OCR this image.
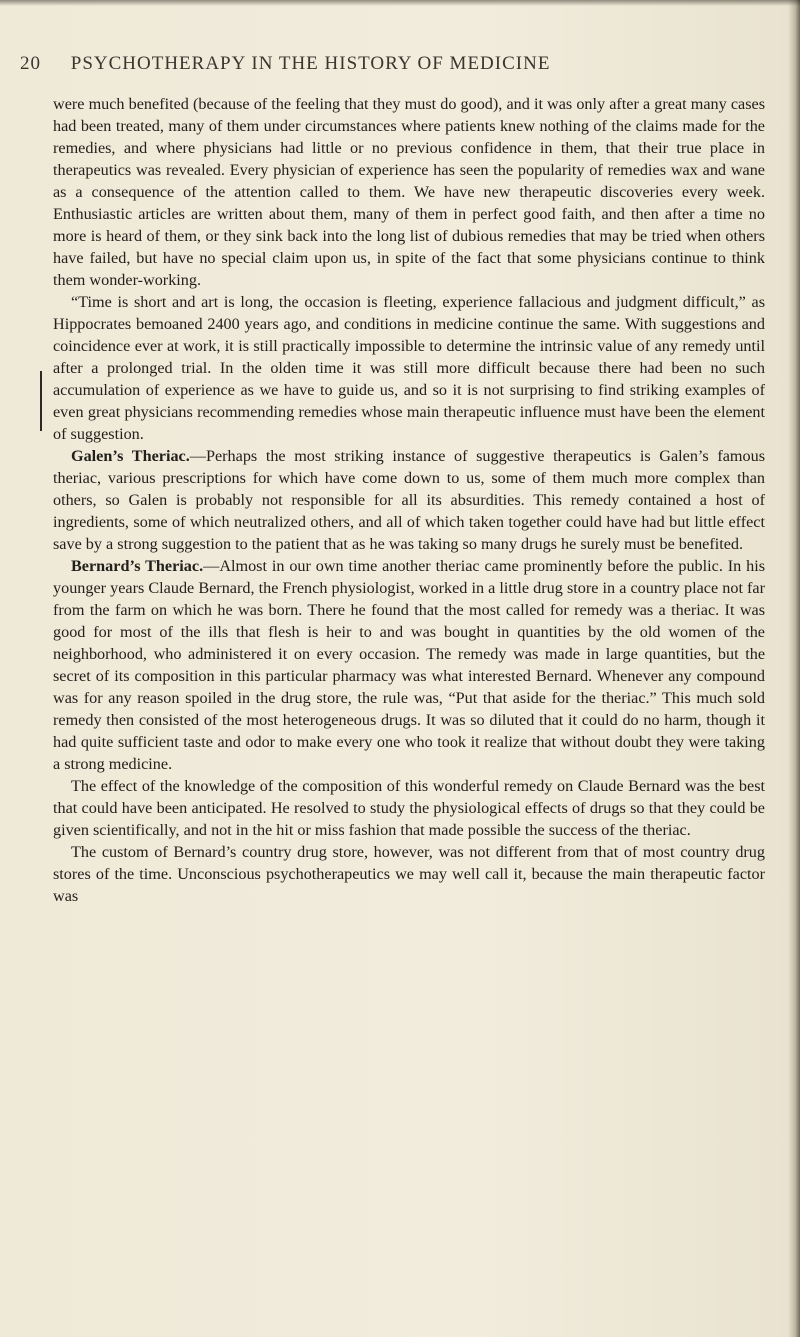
20 PSYCHOTHERAPY IN THE HISTORY OF MEDICINE

were much benefited (because of the feeling that they must do good), and it was only after a great many cases had been treated, many of them under circumstances where patients knew nothing of the claims made for the remedies, and where physicians had little or no previous confidence in them, that their true place in therapeutics was revealed. Every physician of experience has seen the popularity of remedies wax and wane as a consequence of the attention called to them. We have new therapeutic discoveries every week. Enthusiastic articles are written about them, many of them in perfect good faith, and then after a time no more is heard of them, or they sink back into the long list of dubious remedies that may be tried when others have failed, but have no special claim upon us, in spite of the fact that some physicians continue to think them wonder-working.

“Time is short and art is long, the occasion is fleeting, experience fallacious and judgment difficult,” as Hippocrates bemoaned 2400 years ago, and conditions in medicine continue the same. With suggestions and coincidence ever at work, it is still practically impossible to determine the intrinsic value of any remedy until after a prolonged trial. In the olden time it was still more difficult because there had been no such accumulation of experience as we have to guide us, and so it is not surprising to find striking examples of even great physicians recommending remedies whose main therapeutic influence must have been the element of suggestion.

Galen’s Theriac.—Perhaps the most striking instance of suggestive therapeutics is Galen’s famous theriac, various prescriptions for which have come down to us, some of them much more complex than others, so Galen is probably not responsible for all its absurdities. This remedy contained a host of ingredients, some of which neutralized others, and all of which taken together could have had but little effect save by a strong suggestion to the patient that as he was taking so many drugs he surely must be benefited.

Bernard’s Theriac.—Almost in our own time another theriac came prominently before the public. In his younger years Claude Bernard, the French physiologist, worked in a little drug store in a country place not far from the farm on which he was born. There he found that the most called for remedy was a theriac. It was good for most of the ills that flesh is heir to and was bought in quantities by the old women of the neighborhood, who administered it on every occasion. The remedy was made in large quantities, but the secret of its composition in this particular pharmacy was what interested Bernard. Whenever any compound was for any reason spoiled in the drug store, the rule was, “Put that aside for the theriac.” This much sold remedy then consisted of the most heterogeneous drugs. It was so diluted that it could do no harm, though it had quite sufficient taste and odor to make every one who took it realize that without doubt they were taking a strong medicine.

The effect of the knowledge of the composition of this wonderful remedy on Claude Bernard was the best that could have been anticipated. He resolved to study the physiological effects of drugs so that they could be given scientifically, and not in the hit or miss fashion that made possible the success of the theriac.

The custom of Bernard’s country drug store, however, was not different from that of most country drug stores of the time. Unconscious psychotherapeutics we may well call it, because the main therapeutic factor was
